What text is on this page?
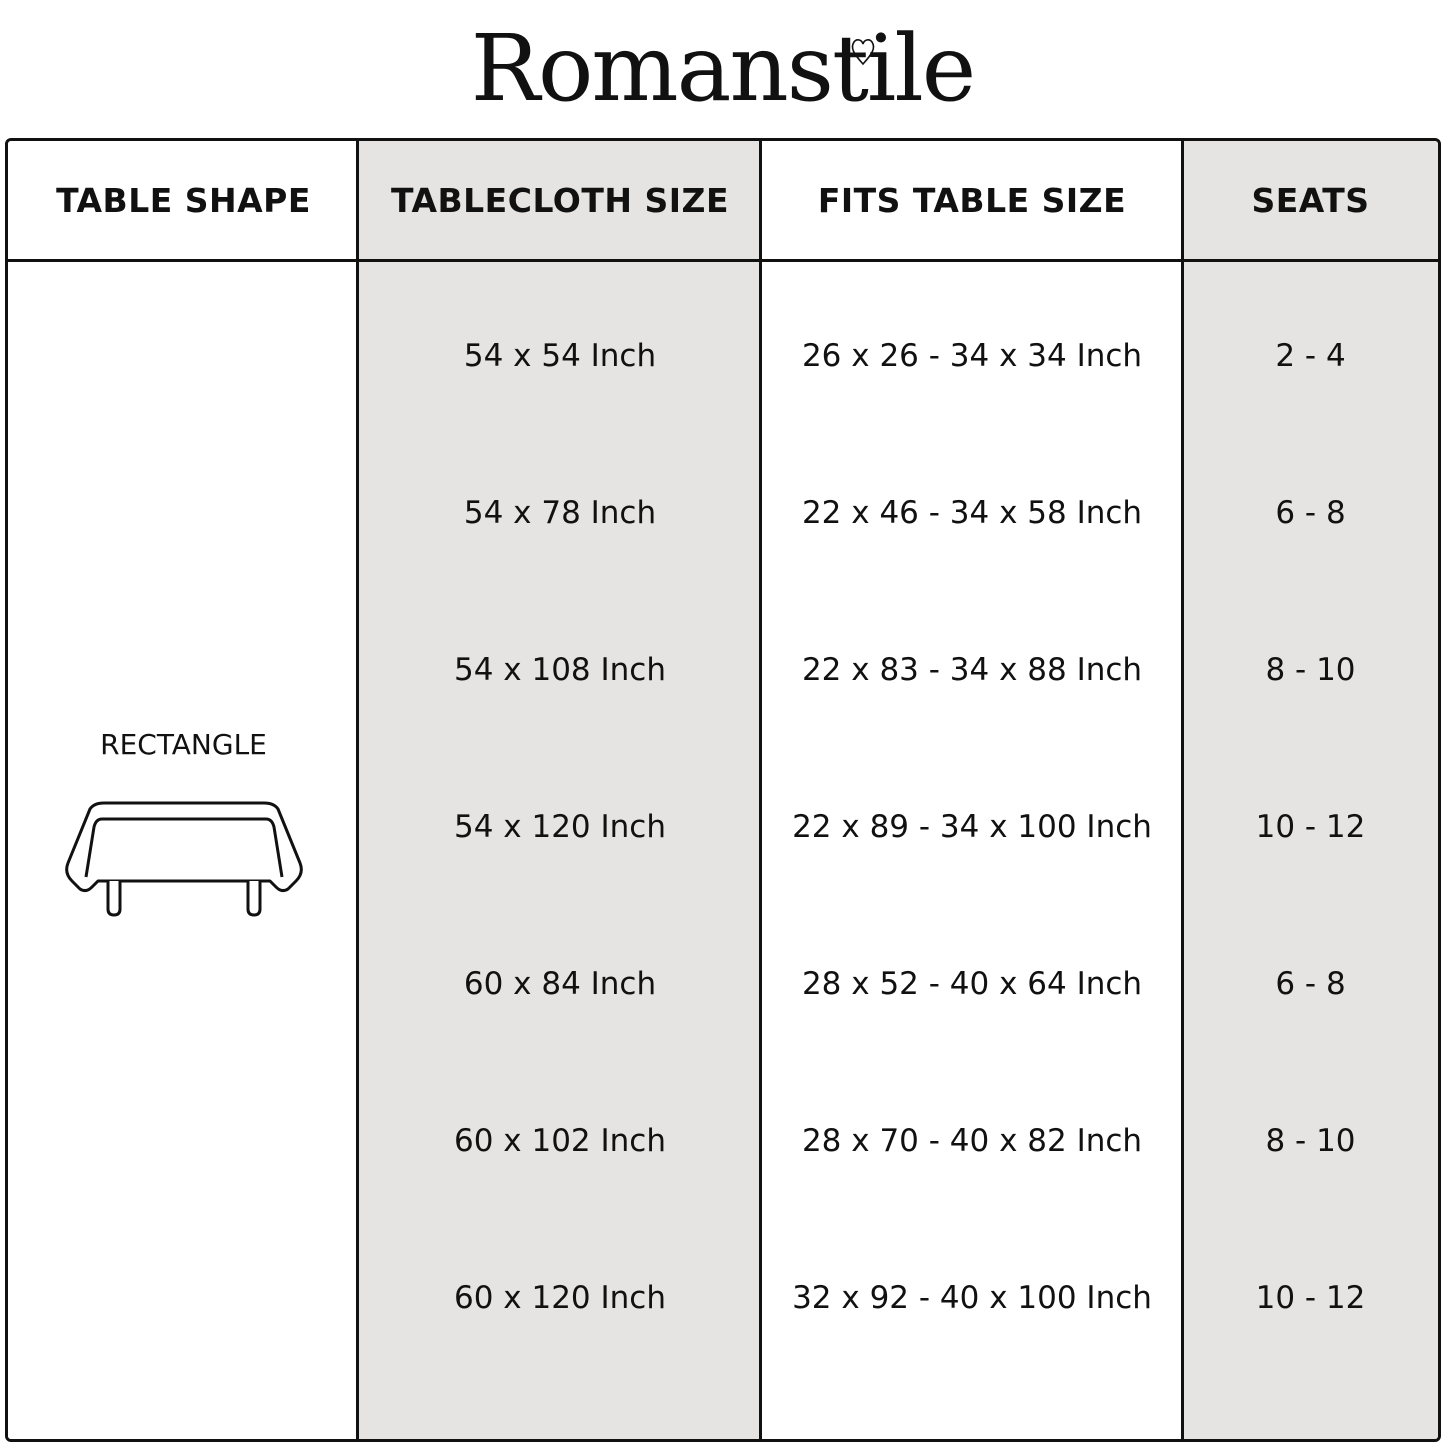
Romanstile
TABLE SHAPE	TABLECLOTH SIZE	FITS TABLE SIZE	SEATS
RECTANGLE
54 x 54 Inch	26 x 26 - 34 x 34 Inch	2 - 4
54 x 78 Inch	22 x 46 - 34 x 58 Inch	6 - 8
54 x 108 Inch	22 x 83 - 34 x 88 Inch	8 - 10
54 x 120 Inch	22 x 89 - 34 x 100 Inch	10 - 12
60 x 84 Inch	28 x 52 - 40 x 64 Inch	6 - 8
60 x 102 Inch	28 x 70 - 40 x 82 Inch	8 - 10
60 x 120 Inch	32 x 92 - 40 x 100 Inch	10 - 12
